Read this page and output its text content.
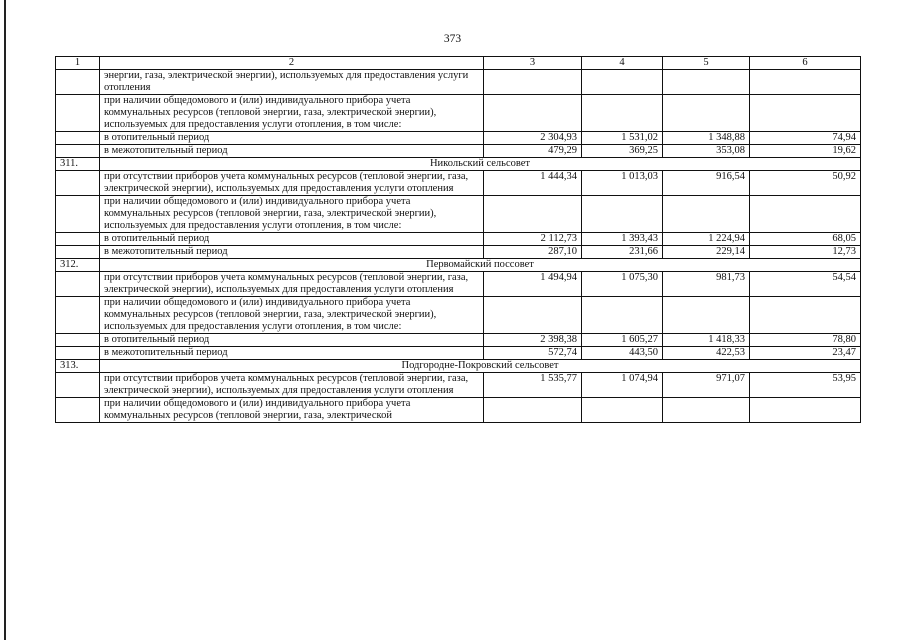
373
1	2	3	4	5	6
	энергии, газа, электрической энергии), используемых для предоставления услуги отопления				
	при наличии общедомового и (или) индивидуального прибора учета коммунальных ресурсов (тепловой энергии, газа, электрической энергии), используемых для предоставления услуги отопления, в том числе:				
	в отопительный период	2 304,93	1 531,02	1 348,88	74,94
	в межотопительный период	479,29	369,25	353,08	19,62
311.	Никольский сельсовет				
	при отсутствии приборов учета коммунальных ресурсов (тепловой энергии, газа, электрической энергии), используемых для предоставления услуги отопления	1 444,34	1 013,03	916,54	50,92
	при наличии общедомового и (или) индивидуального прибора учета коммунальных ресурсов (тепловой энергии, газа, электрической энергии), используемых для предоставления услуги отопления, в том числе:				
	в отопительный период	2 112,73	1 393,43	1 224,94	68,05
	в межотопительный период	287,10	231,66	229,14	12,73
312.	Первомайский поссовет				
	при отсутствии приборов учета коммунальных ресурсов (тепловой энергии, газа, электрической энергии), используемых для предоставления услуги отопления	1 494,94	1 075,30	981,73	54,54
	при наличии общедомового и (или) индивидуального прибора учета коммунальных ресурсов (тепловой энергии, газа, электрической энергии), используемых для предоставления услуги отопления, в том числе:				
	в отопительный период	2 398,38	1 605,27	1 418,33	78,80
	в межотопительный период	572,74	443,50	422,53	23,47
313.	Подгородне-Покровский сельсовет				
	при отсутствии приборов учета коммунальных ресурсов (тепловой энергии, газа, электрической энергии), используемых для предоставления услуги отопления	1 535,77	1 074,94	971,07	53,95
	при наличии общедомового и (или) индивидуального прибора учета коммунальных ресурсов (тепловой энергии, газа, электрической				
